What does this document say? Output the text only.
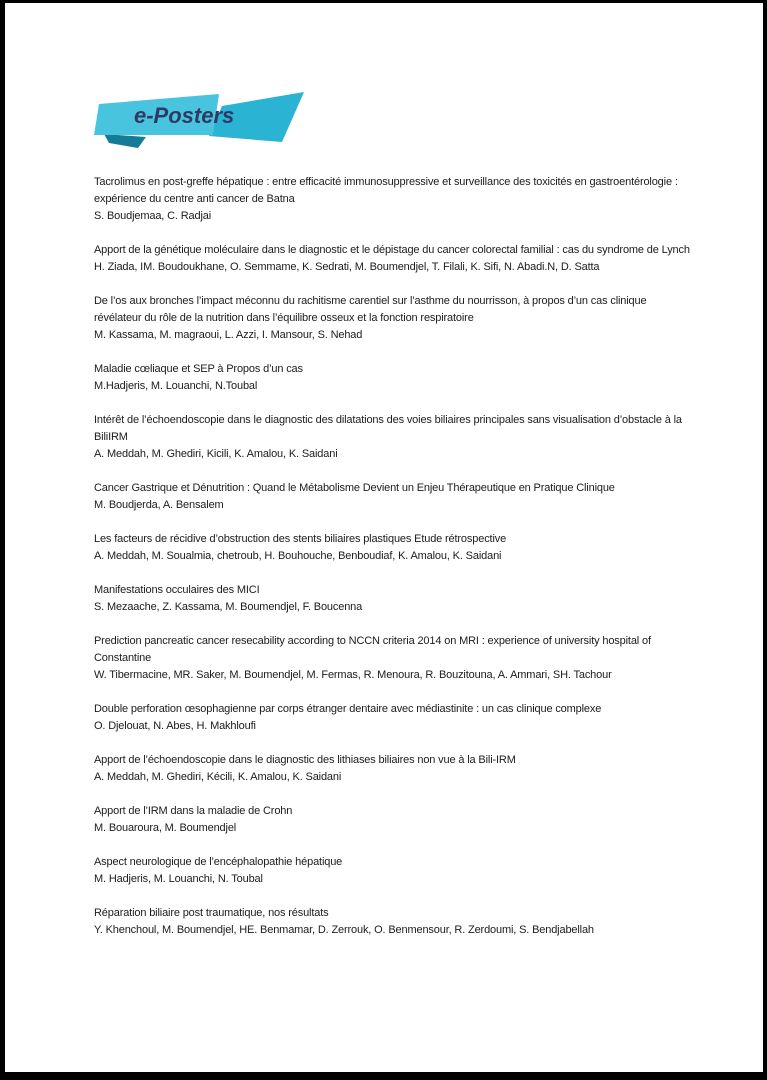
e-Posters

Tacrolimus en post-greffe hépatique : entre efficacité immunosuppressive et surveillance des toxicités en gastroentérologie : expérience du centre anti cancer de Batna

S. Boudjemaa, C. Radjai

Apport de la génétique moléculaire dans le diagnostic et le dépistage du cancer colorectal familial : cas du syndrome de Lynch

H. Ziada, IM. Boudoukhane, O. Semmame, K. Sedrati, M. Boumendjel, T. Filali, K. Sifi, N. Abadi.N, D. Satta

De l’os aux bronches l’impact méconnu du rachitisme carentiel sur l’asthme du nourrisson, à propos d’un cas clinique révélateur du rôle de la nutrition dans l’équilibre osseux et la fonction respiratoire

M. Kassama, M. magraoui, L. Azzi, I. Mansour, S. Nehad

Maladie cœliaque et SEP à Propos d’un cas

M.Hadjeris, M. Louanchi, N.Toubal

Intérêt de l’échoendoscopie dans le diagnostic des dilatations des voies biliaires principales sans visualisation d’obstacle à la BiliIRM

A. Meddah, M. Ghediri, Kicili, K. Amalou, K. Saidani

Cancer Gastrique et Dénutrition : Quand le Métabolisme Devient un Enjeu Thérapeutique en Pratique Clinique

M. Boudjerda, A. Bensalem

Les facteurs de récidive d’obstruction des stents biliaires plastiques Etude rétrospective

A. Meddah, M. Soualmia, chetroub, H. Bouhouche, Benboudiaf, K. Amalou, K. Saidani

Manifestations occulaires des MICI

S. Mezaache, Z. Kassama, M. Boumendjel, F. Boucenna

Prediction pancreatic cancer resecability according to NCCN criteria 2014 on MRI : experience of university hospital of Constantine

W. Tibermacine, MR. Saker, M. Boumendjel, M. Fermas, R. Menoura, R. Bouzitouna, A. Ammari, SH. Tachour

Double perforation œsophagienne par corps étranger dentaire avec médiastinite : un cas clinique complexe

O. Djelouat, N. Abes, H. Makhloufi

Apport de l’échoendoscopie dans le diagnostic des lithiases biliaires non vue à la Bili-IRM

A. Meddah, M. Ghediri, Kécili, K. Amalou, K. Saidani

Apport de l’IRM dans la maladie de Crohn

M. Bouaroura, M. Boumendjel

Aspect neurologique de l’encéphalopathie hépatique

M. Hadjeris, M. Louanchi, N. Toubal

Réparation biliaire post traumatique, nos résultats

Y. Khenchoul, M. Boumendjel, HE. Benmamar, D. Zerrouk, O. Benmensour, R. Zerdoumi, S. Bendjabellah
